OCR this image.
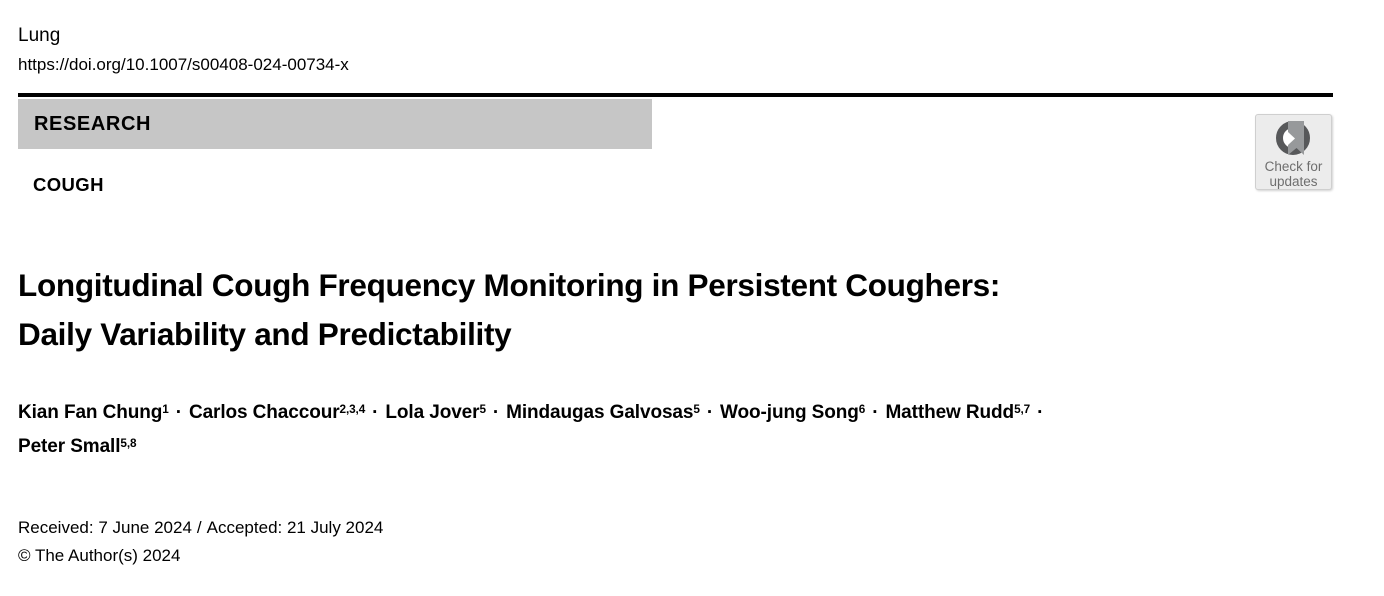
Lung
https://doi.org/10.1007/s00408-024-00734-x
RESEARCH
Check for
updates
COUGH
Longitudinal Cough Frequency Monitoring in Persistent Coughers:
Daily Variability and Predictability
Kian Fan Chung$^1$ · Carlos Chaccour$^{2,3,4}$ · Lola Jover$^5$ · Mindaugas Galvosas$^5$ · Woo-jung Song$^6$ · Matthew Rudd$^{5,7}$ ·
Peter Small$^{5,8}$
Received: 7 June 2024 / Accepted: 21 July 2024
© The Author(s) 2024
